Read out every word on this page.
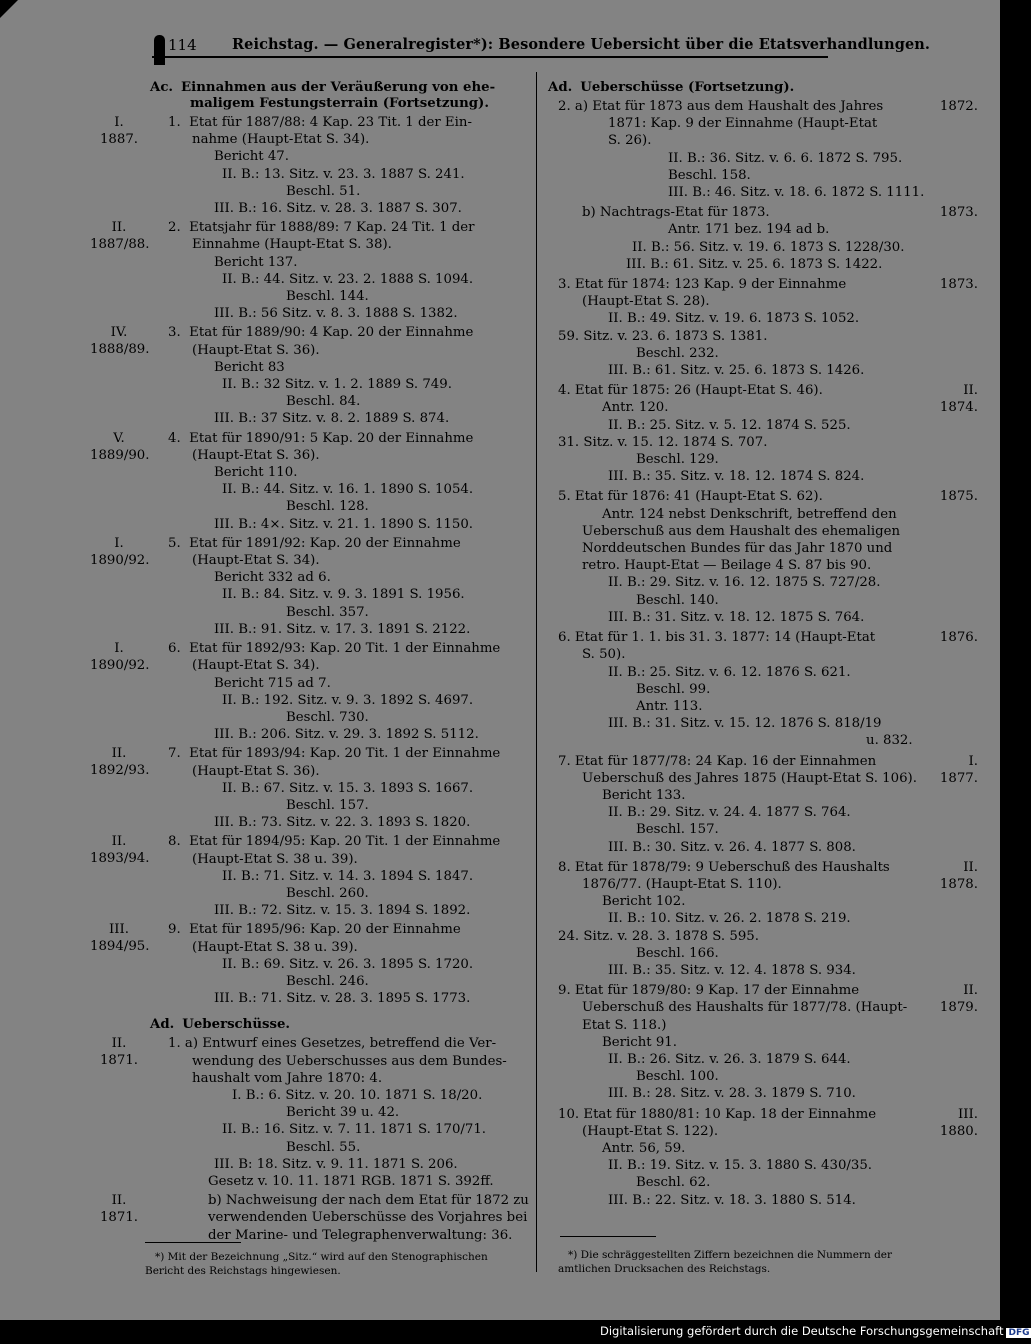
114 Reichstag. — Generalregister*): Besondere Uebersicht über die Etatsverhandlungen.
Ac. Einnahmen aus der Veräußerung von ehe-
maligem Festungsterrain (Fortsetzung).
I.
1887.
1.  Etat für 1887/88: 4 Kap. 23 Tit. 1 der Ein-
nahme (Haupt-Etat S. 34).
Bericht 47.
II. B.: 13. Sitz. v. 23. 3. 1887 S. 241.
Beschl. 51.
III. B.: 16. Sitz. v. 28. 3. 1887 S. 307.
II.
1887/88.
2.  Etatsjahr für 1888/89: 7 Kap. 24 Tit. 1 der
Einnahme (Haupt-Etat S. 38).
Bericht 137.
II. B.: 44. Sitz. v. 23. 2. 1888 S. 1094.
Beschl. 144.
III. B.: 56 Sitz. v. 8. 3. 1888 S. 1382.
IV.
1888/89.
3.  Etat für 1889/90: 4 Kap. 20 der Einnahme
(Haupt-Etat S. 36).
Bericht 83
II. B.: 32 Sitz. v. 1. 2. 1889 S. 749.
Beschl. 84.
III. B.: 37 Sitz. v. 8. 2. 1889 S. 874.
V.
1889/90.
4.  Etat für 1890/91: 5 Kap. 20 der Einnahme
(Haupt-Etat S. 36).
Bericht 110.
II. B.: 44. Sitz. v. 16. 1. 1890 S. 1054.
Beschl. 128.
III. B.: 4×. Sitz. v. 21. 1. 1890 S. 1150.
I.
1890/92.
5.  Etat für 1891/92: Kap. 20 der Einnahme
(Haupt-Etat S. 34).
Bericht 332 ad 6.
II. B.: 84. Sitz. v. 9. 3. 1891 S. 1956.
Beschl. 357.
III. B.: 91. Sitz. v. 17. 3. 1891 S. 2122.
I.
1890/92.
6.  Etat für 1892/93: Kap. 20 Tit. 1 der Einnahme
(Haupt-Etat S. 34).
Bericht 715 ad 7.
II. B.: 192. Sitz. v. 9. 3. 1892 S. 4697.
Beschl. 730.
III. B.: 206. Sitz. v. 29. 3. 1892 S. 5112.
II.
1892/93.
7.  Etat für 1893/94: Kap. 20 Tit. 1 der Einnahme
(Haupt-Etat S. 36).
II. B.: 67. Sitz. v. 15. 3. 1893 S. 1667.
Beschl. 157.
III. B.: 73. Sitz. v. 22. 3. 1893 S. 1820.
II.
1893/94.
8.  Etat für 1894/95: Kap. 20 Tit. 1 der Einnahme
(Haupt-Etat S. 38 u. 39).
II. B.: 71. Sitz. v. 14. 3. 1894 S. 1847.
Beschl. 260.
III. B.: 72. Sitz. v. 15. 3. 1894 S. 1892.
III.
1894/95.
9.  Etat für 1895/96: Kap. 20 der Einnahme
(Haupt-Etat S. 38 u. 39).
II. B.: 69. Sitz. v. 26. 3. 1895 S. 1720.
Beschl. 246.
III. B.: 71. Sitz. v. 28. 3. 1895 S. 1773.
Ad. Ueberschüsse.
II.
1871.
1. a) Entwurf eines Gesetzes, betreffend die Ver-
wendung des Ueberschusses aus dem Bundes-
haushalt vom Jahre 1870: 4.
I. B.: 6. Sitz. v. 20. 10. 1871 S. 18/20.
Bericht 39 u. 42.
II. B.: 16. Sitz. v. 7. 11. 1871 S. 170/71.
Beschl. 55.
III. B: 18. Sitz. v. 9. 11. 1871 S. 206.
Gesetz v. 10. 11. 1871 RGB. 1871 S. 392ff.
II.
1871.
b) Nachweisung der nach dem Etat für 1872 zu
verwendenden Ueberschüsse des Vorjahres bei
der Marine- und Telegraphenverwaltung: 36.
Ad. Ueberschüsse (Fortsetzung).
1872.
2. a) Etat für 1873 aus dem Haushalt des Jahres
1871: Kap. 9 der Einnahme (Haupt-Etat
S. 26).
II. B.: 36. Sitz. v. 6. 6. 1872 S. 795.
Beschl. 158.
III. B.: 46. Sitz. v. 18. 6. 1872 S. 1111.
1873.
b) Nachtrags-Etat für 1873.
Antr. 171 bez. 194 ad b.
II. B.: 56. Sitz. v. 19. 6. 1873 S. 1228/30.
III. B.: 61. Sitz. v. 25. 6. 1873 S. 1422.
1873.
3. Etat für 1874: 123 Kap. 9 der Einnahme
(Haupt-Etat S. 28).
II. B.: 49. Sitz. v. 19. 6. 1873 S. 1052.
59. Sitz. v. 23. 6. 1873 S. 1381.
Beschl. 232.
III. B.: 61. Sitz. v. 25. 6. 1873 S. 1426.
II.
1874.
4. Etat für 1875: 26 (Haupt-Etat S. 46).
Antr. 120.
II. B.: 25. Sitz. v. 5. 12. 1874 S. 525.
31. Sitz. v. 15. 12. 1874 S. 707.
Beschl. 129.
III. B.: 35. Sitz. v. 18. 12. 1874 S. 824.
1875.
5. Etat für 1876: 41 (Haupt-Etat S. 62).
Antr. 124 nebst Denkschrift, betreffend den
Ueberschuß aus dem Haushalt des ehemaligen
Norddeutschen Bundes für das Jahr 1870 und
retro. Haupt-Etat — Beilage 4 S. 87 bis 90.
II. B.: 29. Sitz. v. 16. 12. 1875 S. 727/28.
Beschl. 140.
III. B.: 31. Sitz. v. 18. 12. 1875 S. 764.
1876.
6. Etat für 1. 1. bis 31. 3. 1877: 14 (Haupt-Etat
S. 50).
II. B.: 25. Sitz. v. 6. 12. 1876 S. 621.
Beschl. 99.
Antr. 113.
III. B.: 31. Sitz. v. 15. 12. 1876 S. 818/19
u. 832.
I.
1877.
7. Etat für 1877/78: 24 Kap. 16 der Einnahmen
Ueberschuß des Jahres 1875 (Haupt-Etat S. 106).
Bericht 133.
II. B.: 29. Sitz. v. 24. 4. 1877 S. 764.
Beschl. 157.
III. B.: 30. Sitz. v. 26. 4. 1877 S. 808.
II.
1878.
8. Etat für 1878/79: 9 Ueberschuß des Haushalts
1876/77. (Haupt-Etat S. 110).
Bericht 102.
II. B.: 10. Sitz. v. 26. 2. 1878 S. 219.
24. Sitz. v. 28. 3. 1878 S. 595.
Beschl. 166.
III. B.: 35. Sitz. v. 12. 4. 1878 S. 934.
II.
1879.
9. Etat für 1879/80: 9 Kap. 17 der Einnahme
Ueberschuß des Haushalts für 1877/78. (Haupt-
Etat S. 118.)
Bericht 91.
II. B.: 26. Sitz. v. 26. 3. 1879 S. 644.
Beschl. 100.
III. B.: 28. Sitz. v. 28. 3. 1879 S. 710.
III.
1880.
10. Etat für 1880/81: 10 Kap. 18 der Einnahme
(Haupt-Etat S. 122).
Antr. 56, 59.
II. B.: 19. Sitz. v. 15. 3. 1880 S. 430/35.
Beschl. 62.
III. B.: 22. Sitz. v. 18. 3. 1880 S. 514.
*) Mit der Bezeichnung „Sitz.“ wird auf den Stenographischen
Bericht des Reichstags hingewiesen.
*) Die schräggestellten Ziffern bezeichnen die Nummern der
amtlichen Drucksachen des Reichstags.
Digitalisierung gefördert durch die Deutsche Forschungsgemeinschaft DFG
